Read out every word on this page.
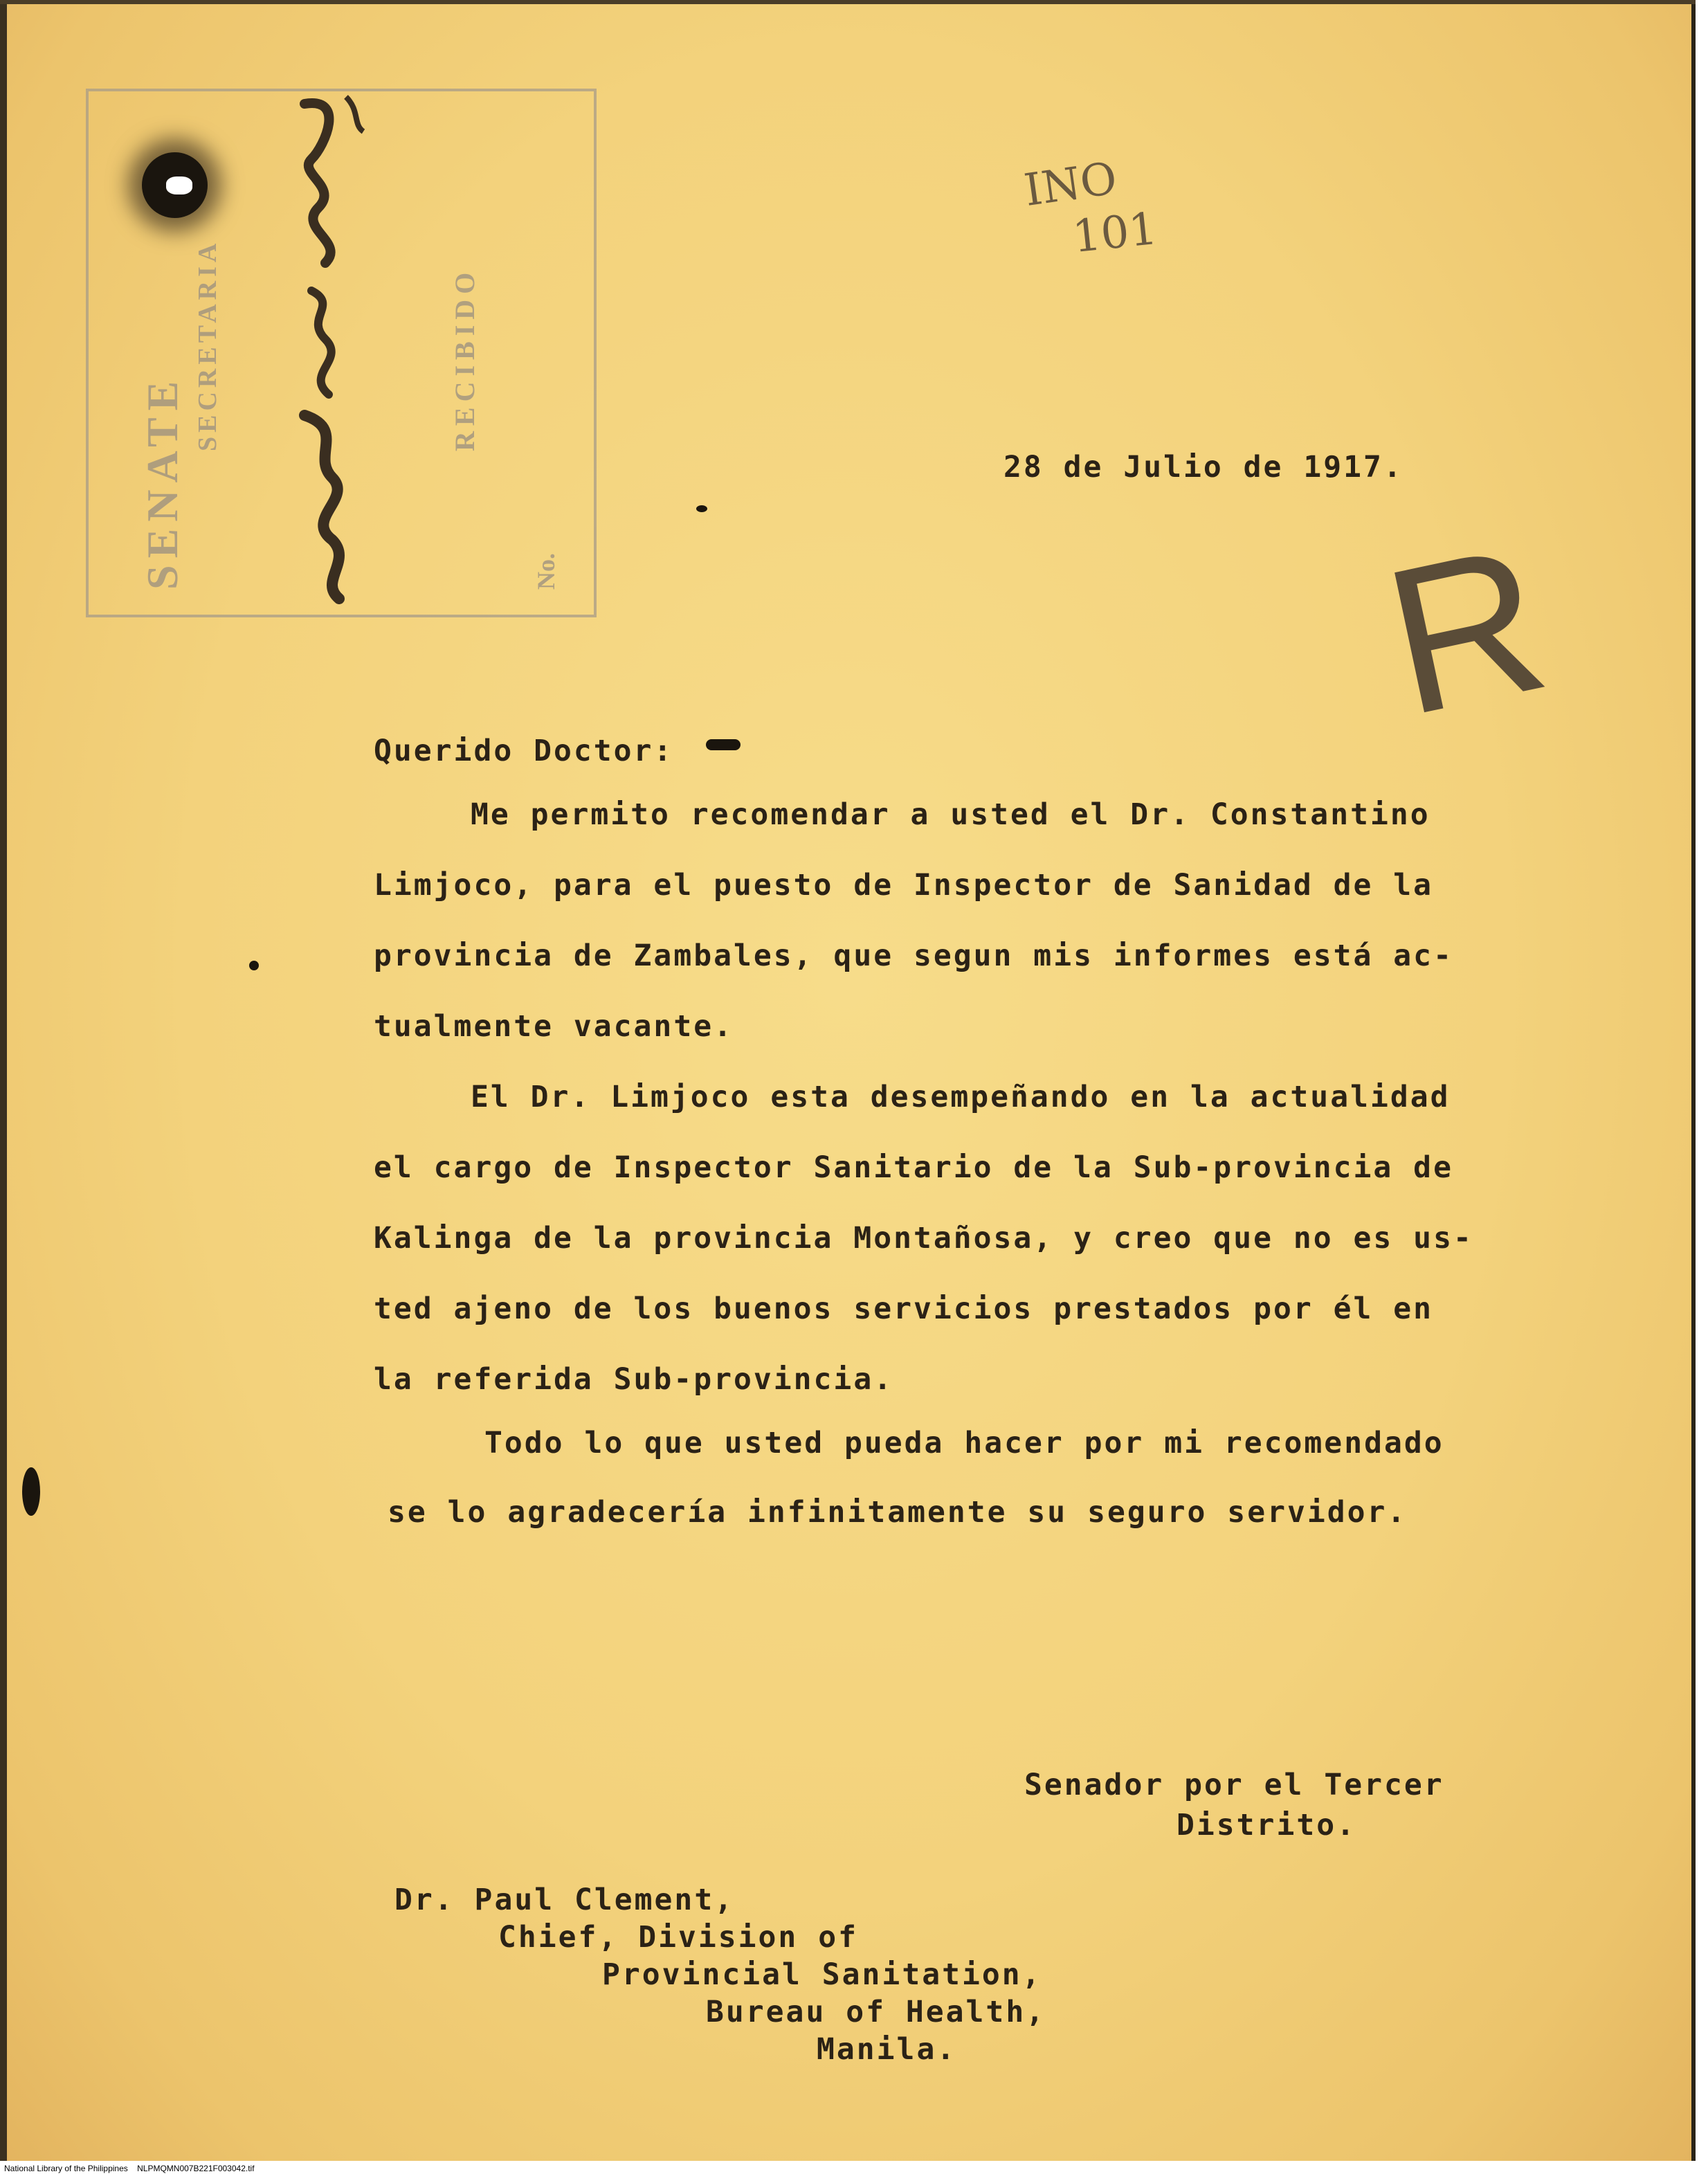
SENATE
SECRETARIA	RECIBIDO
No.
INO
101
R
28 de Julio de 1917.
Querido Doctor:
Me permito recomendar a usted el Dr. Constantino
Limjoco, para el puesto de Inspector de Sanidad de la
provincia de Zambales, que segun mis informes está ac-
tualmente vacante.
El Dr. Limjoco esta desempeñando en la actualidad
el cargo de Inspector Sanitario de la Sub-provincia de
Kalinga de la provincia Montañosa, y creo que no es us-
ted ajeno de los buenos servicios prestados por él en
la referida Sub-provincia.
Todo lo que usted pueda hacer por mi recomendado
se lo agradecería infinitamente su seguro servidor.
Senador por el Tercer
Distrito.
Dr. Paul Clement,
Chief, Division of
Provincial Sanitation,
Bureau of Health,
Manila.
National Library of the Philippines NLPMQMN007B221F003042.tif
